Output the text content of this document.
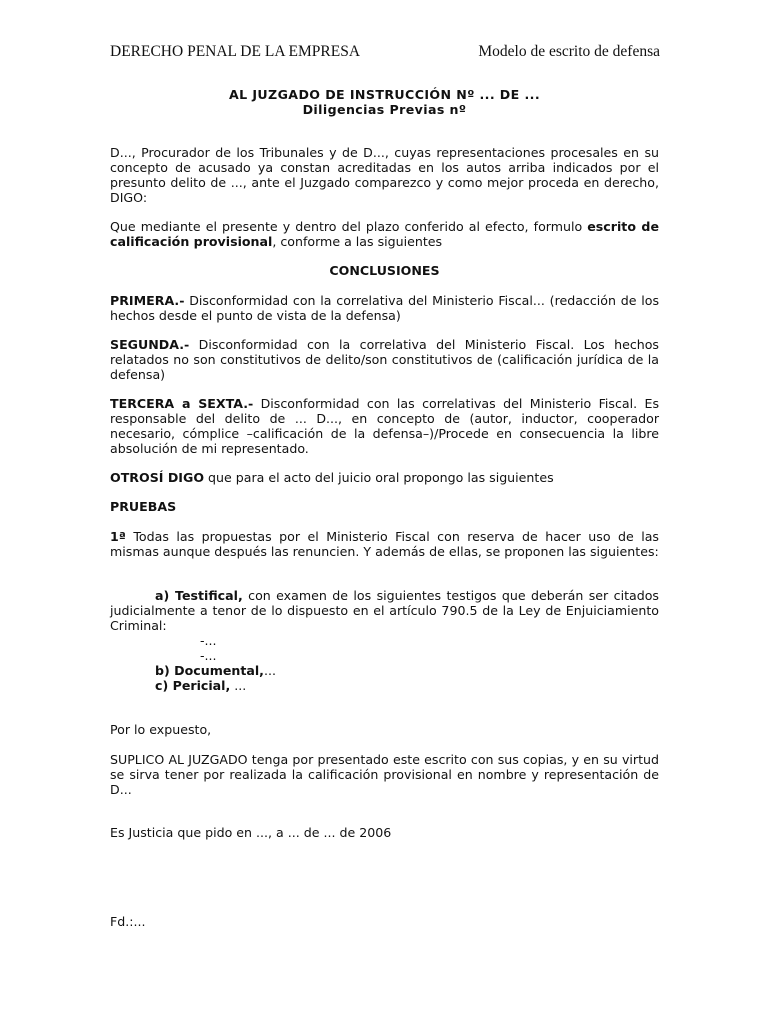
DERECHO PENAL DE LA EMPRESA	Modelo de escrito de defensa
AL JUZGADO DE INSTRUCCIÓN Nº ... DE ...
Diligencias Previas nº

D..., Procurador de los Tribunales y de D..., cuyas representaciones procesales en su concepto de acusado ya constan acreditadas en los autos arriba indicados por el presunto delito de ..., ante el Juzgado comparezco y como mejor proceda en derecho, DIGO:

Que mediante el presente y dentro del plazo conferido al efecto, formulo escrito de calificación provisional, conforme a las siguientes

CONCLUSIONES

PRIMERA.- Disconformidad con la correlativa del Ministerio Fiscal... (redacción de los hechos desde el punto de vista de la defensa)

SEGUNDA.- Disconformidad con la correlativa del Ministerio Fiscal. Los hechos relatados no son constitutivos de delito/son constitutivos de (calificación jurídica de la defensa)

TERCERA a SEXTA.- Disconformidad con las correlativas del Ministerio Fiscal. Es responsable del delito de ... D..., en concepto de (autor, inductor, cooperador necesario, cómplice –calificación de la defensa–)/Procede en consecuencia la libre absolución de mi representado.

OTROSÍ DIGO que para el acto del juicio oral propongo las siguientes

PRUEBAS

1ª Todas las propuestas por el Ministerio Fiscal con reserva de hacer uso de las mismas aunque después las renuncien. Y además de ellas, se proponen las siguientes:

a) Testifical, con examen de los siguientes testigos que deberán ser citados judicialmente a tenor de lo dispuesto en el artículo 790.5 de la Ley de Enjuiciamiento Criminal:

-...
-...
b) Documental,...
c) Pericial, ...
Por lo expuesto,

SUPLICO AL JUZGADO tenga por presentado este escrito con sus copias, y en su virtud se sirva tener por realizada la calificación provisional en nombre y representación de D...

Es Justicia que pido en ..., a ... de ... de 2006
Fd.:...
